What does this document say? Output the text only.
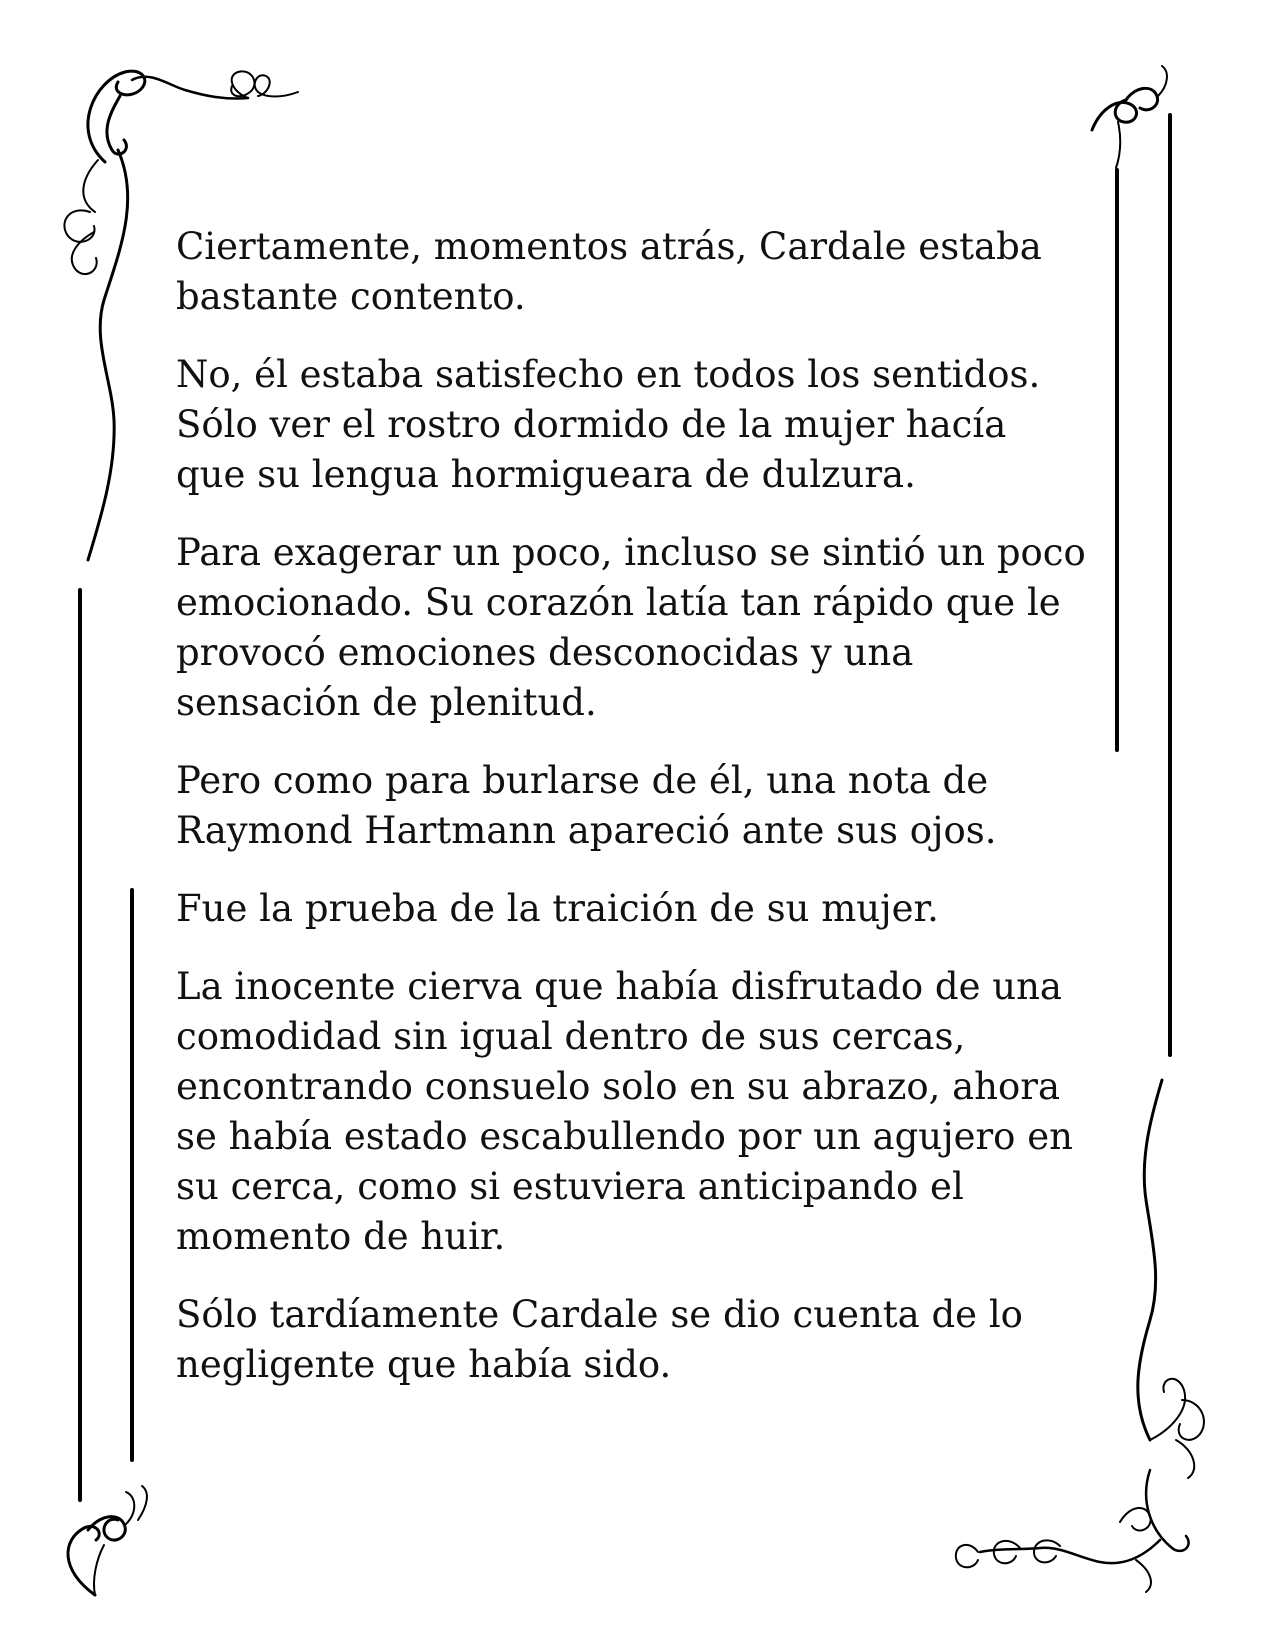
Ciertamente, momentos atrás, Cardale estaba
bastante contento.

No, él estaba satisfecho en todos los sentidos.
Sólo ver el rostro dormido de la mujer hacía
que su lengua hormigueara de dulzura.

Para exagerar un poco, incluso se sintió un poco
emocionado. Su corazón latía tan rápido que le
provocó emociones desconocidas y una
sensación de plenitud.

Pero como para burlarse de él, una nota de
Raymond Hartmann apareció ante sus ojos.

Fue la prueba de la traición de su mujer.

La inocente cierva que había disfrutado de una
comodidad sin igual dentro de sus cercas,
encontrando consuelo solo en su abrazo, ahora
se había estado escabullendo por un agujero en
su cerca, como si estuviera anticipando el
momento de huir.

Sólo tardíamente Cardale se dio cuenta de lo
negligente que había sido.
